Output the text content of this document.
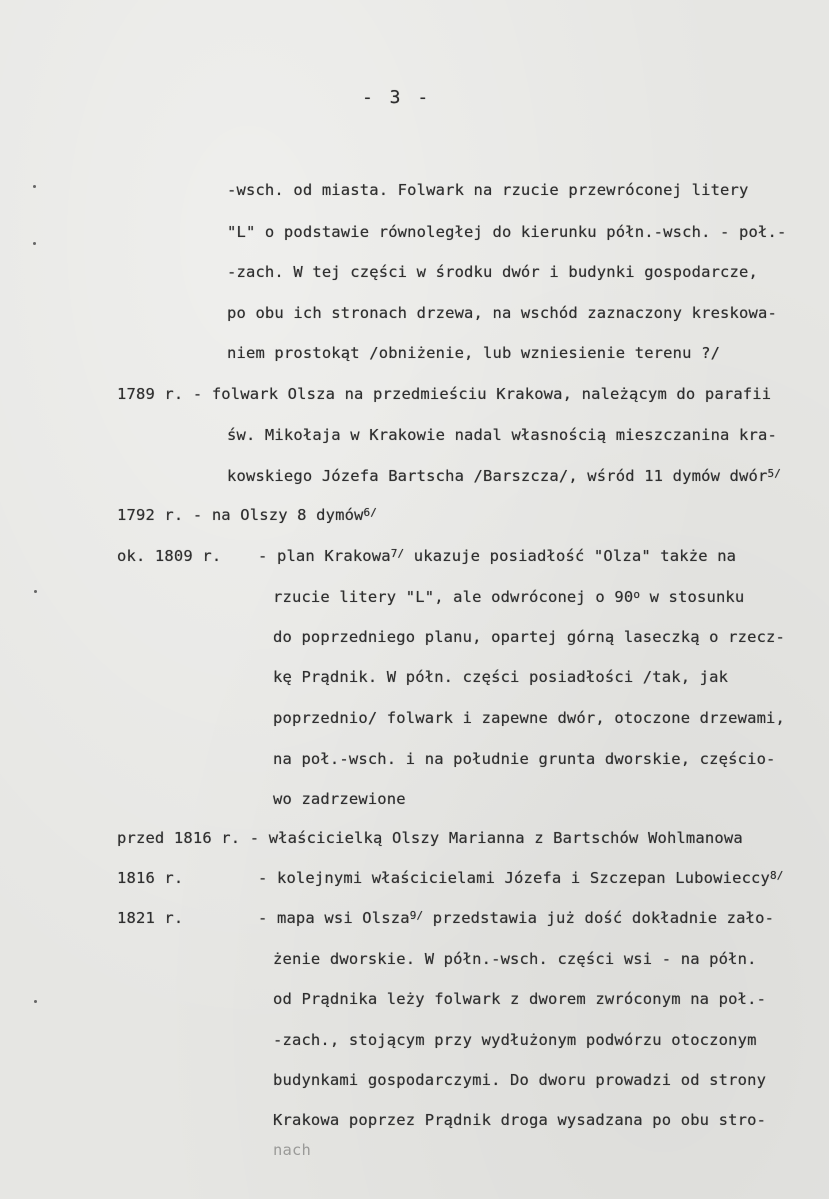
- 3 -
-wsch. od miasta. Folwark na rzucie przewróconej litery
"L" o podstawie równoległej do kierunku półn.-wsch. - poł.-
-zach. W tej części w środku dwór i budynki gospodarcze,
po obu ich stronach drzewa, na wschód zaznaczony kreskowa-
niem prostokąt /obniżenie, lub wzniesienie terenu ?/
1789 r. - folwark Olsza na przedmieściu Krakowa, należącym do parafii
św. Mikołaja w Krakowie nadal własnością mieszczanina kra-
kowskiego Józefa Bartscha /Barszcza/, wśród 11 dymów dwór$^{5/}$
1792 r. - na Olszy 8 dymów$^{6/}$
ok. 1809 r. - plan Krakowa$^{7/}$ ukazuje posiadłość "Olza" także na
rzucie litery "L", ale odwróconej o 90$^o$ w stosunku
do poprzedniego planu, opartej górną laseczką o rzecz-
kę Prądnik. W półn. części posiadłości /tak, jak
poprzednio/ folwark i zapewne dwór, otoczone drzewami,
na poł.-wsch. i na południe grunta dworskie, częścio-
wo zadrzewione
przed 1816 r. - właścicielką Olszy Marianna z Bartschów Wohlmanowa
1816 r.	- kolejnymi właścicielami Józefa i Szczepan Lubowieccy$^{8/}$
1821 r.	- mapa wsi Olsza$^{9/}$ przedstawia już dość dokładnie zało-
żenie dworskie. W półn.-wsch. części wsi - na półn.
od Prądnika leży folwark z dworem zwróconym na poł.-
-zach., stojącym przy wydłużonym podwórzu otoczonym
budynkami gospodarczymi. Do dworu prowadzi od strony
Krakowa poprzez Prądnik droga wysadzana po obu stro-
nach
